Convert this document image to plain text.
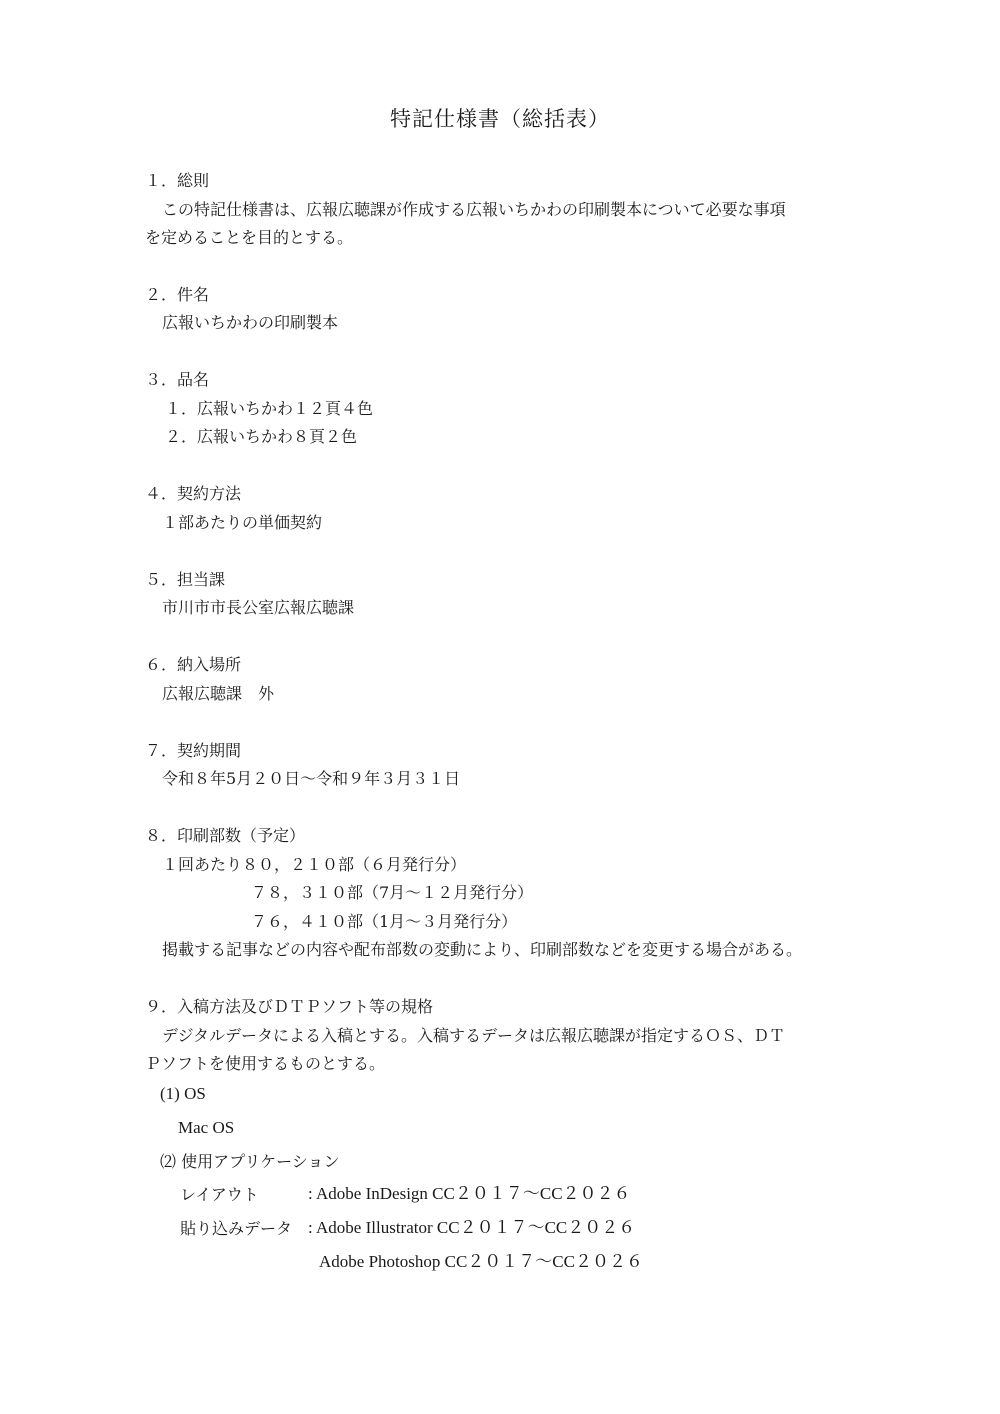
特記仕様書（総括表）
１．総則
この特記仕様書は、広報広聴課が作成する広報いちかわの印刷製本について必要な事項
を定めることを目的とする。
２．件名
広報いちかわの印刷製本
３．品名
１．広報いちかわ１２頁４色
２．広報いちかわ８頁２色
４．契約方法
１部あたりの単価契約
５．担当課
市川市市長公室広報広聴課
６．納入場所
広報広聴課　外
７．契約期間
令和８年5月２０日～令和９年３月３１日
８．印刷部数（予定）
１回あたり８０，２１０部（６月発行分）
７８，３１０部（7月～１２月発行分）
７６，４１０部（1月～３月発行分）
掲載する記事などの内容や配布部数の変動により、印刷部数などを変更する場合がある。
９．入稿方法及びＤＴＰソフト等の規格
デジタルデータによる入稿とする。入稿するデータは広報広聴課が指定するＯＳ、ＤＴ
Ｐソフトを使用するものとする。
(1) OS
Mac OS
⑵ 使用アプリケーション
レイアウト	: Adobe InDesign CC２０１７～CC２０２６
貼り込みデータ : Adobe Illustrator CC２０１７～CC２０２６
Adobe Photoshop CC２０１７～CC２０２６
